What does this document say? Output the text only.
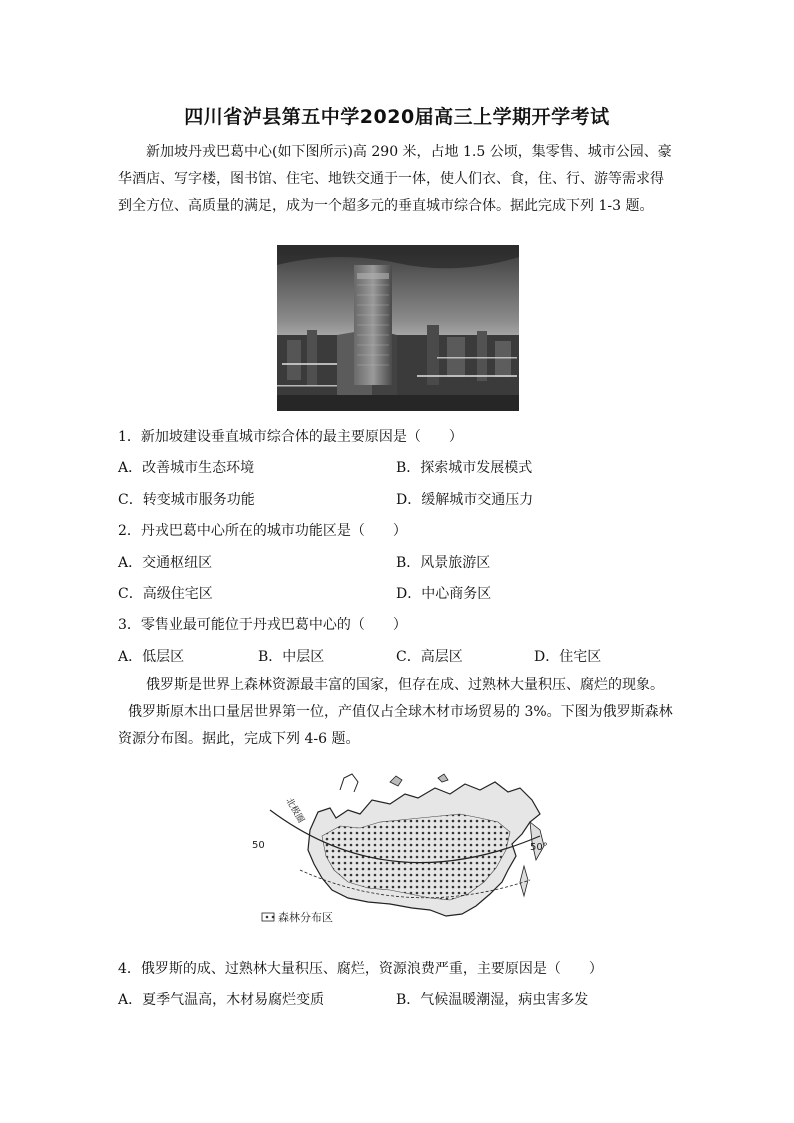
四川省泸县第五中学2020届高三上学期开学考试
新加坡丹戎巴葛中心(如下图所示)高 290 米，占地 1.5 公顷，集零售、城市公园、豪
华酒店、写字楼，图书馆、住宅、地铁交通于一体，使人们衣、食，住、行、游等需求得
到全方位、高质量的满足，成为一个超多元的垂直城市综合体。据此完成下列 1-3 题。
1．新加坡建设垂直城市综合体的最主要原因是（　　）
A．改善城市生态环境	B．探索城市发展模式
C．转变城市服务功能	D．缓解城市交通压力
2．丹戎巴葛中心所在的城市功能区是（　　）
A．交通枢纽区	B．风景旅游区
C．高级住宅区	D．中心商务区
3．零售业最可能位于丹戎巴葛中心的（　　）
A．低层区	B．中层区	C．高层区	D．住宅区
俄罗斯是世界上森林资源最丰富的国家，但存在成、过熟林大量积压、腐烂的现象。
俄罗斯原木出口量居世界第一位，产值仅占全球木材市场贸易的 3%。下图为俄罗斯森林
资源分布图。据此，完成下列 4-6 题。
北极圈
50	50°
森林分布区
4．俄罗斯的成、过熟林大量积压、腐烂，资源浪费严重，主要原因是（　　）
A．夏季气温高，木材易腐烂变质	B．气候温暖潮湿，病虫害多发
